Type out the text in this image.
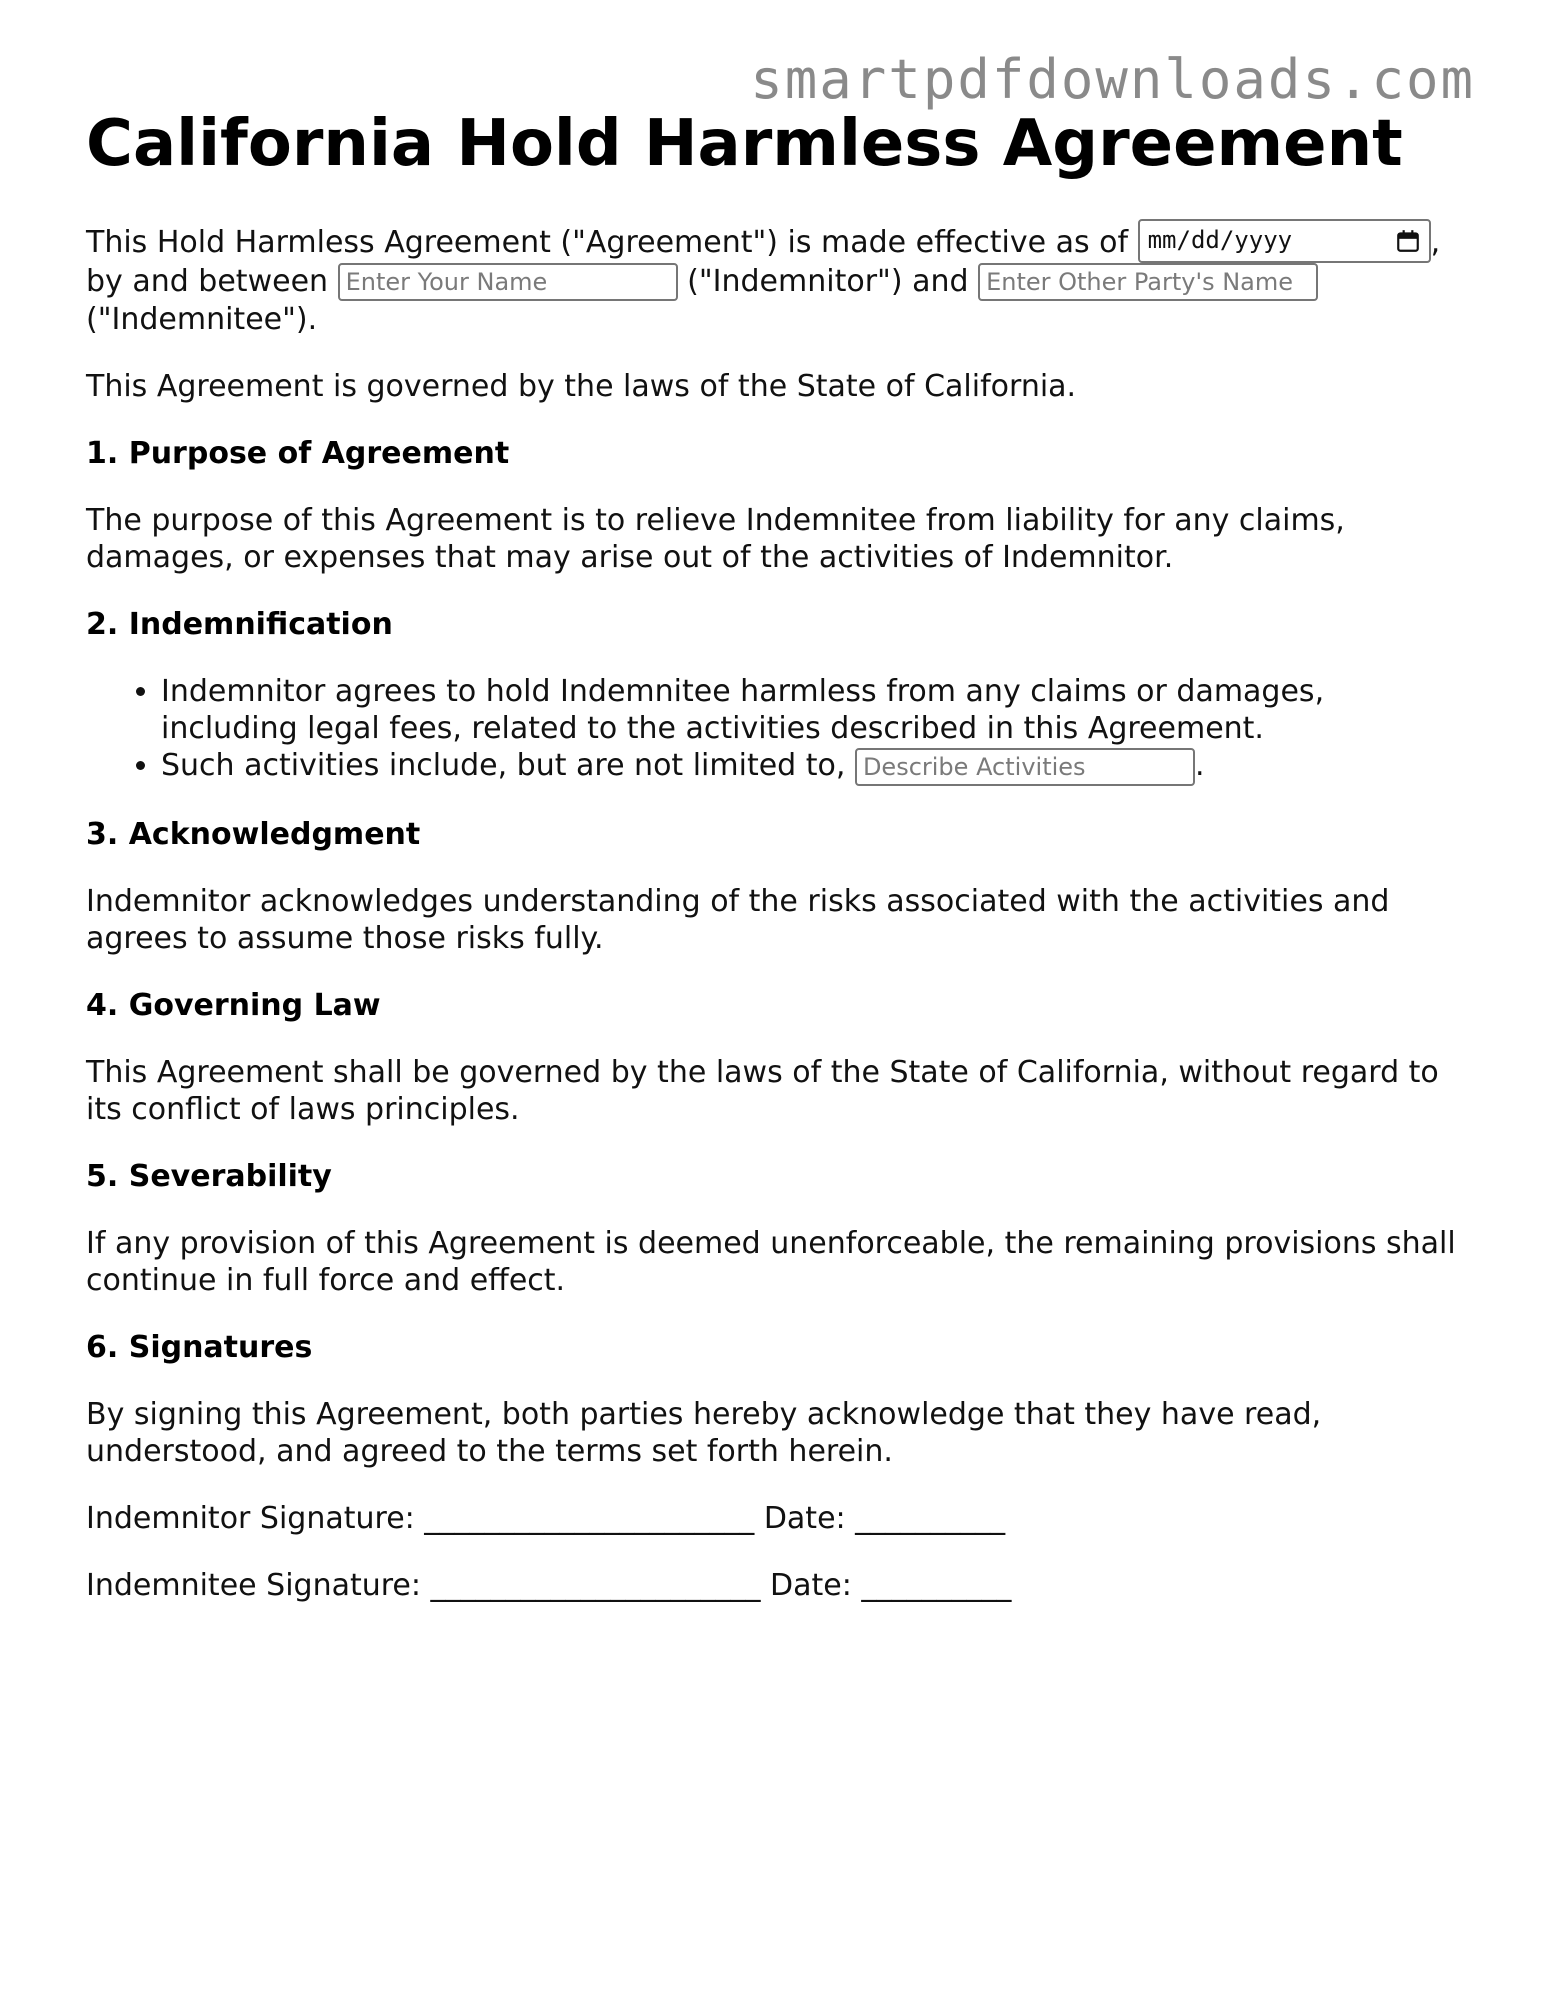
smartpdfdownloads.com
California Hold Harmless Agreement

This Hold Harmless Agreement ("Agreement") is made effective as of mm/dd/yyyy	,
by and between Enter Your Name	("Indemnitor") and Enter Other Party's Name
("Indemnitee").

This Agreement is governed by the laws of the State of California.

1. Purpose of Agreement

The purpose of this Agreement is to relieve Indemnitee from liability for any claims, damages, or expenses that may arise out of the activities of Indemnitor.

2. Indemnification
• Indemnitor agrees to hold Indemnitee harmless from any claims or damages, including legal fees, related to the activities described in this Agreement.
• Such activities include, but are not limited to, Describe Activities	.
3. Acknowledgment

Indemnitor acknowledges understanding of the risks associated with the activities and agrees to assume those risks fully.

4. Governing Law

This Agreement shall be governed by the laws of the State of California, without regard to its conflict of laws principles.

5. Severability

If any provision of this Agreement is deemed unenforceable, the remaining provisions shall continue in full force and effect.

6. Signatures

By signing this Agreement, both parties hereby acknowledge that they have read, understood, and agreed to the terms set forth herein.

Indemnitor Signature: ______________________ Date: __________

Indemnitee Signature: ______________________ Date: __________
